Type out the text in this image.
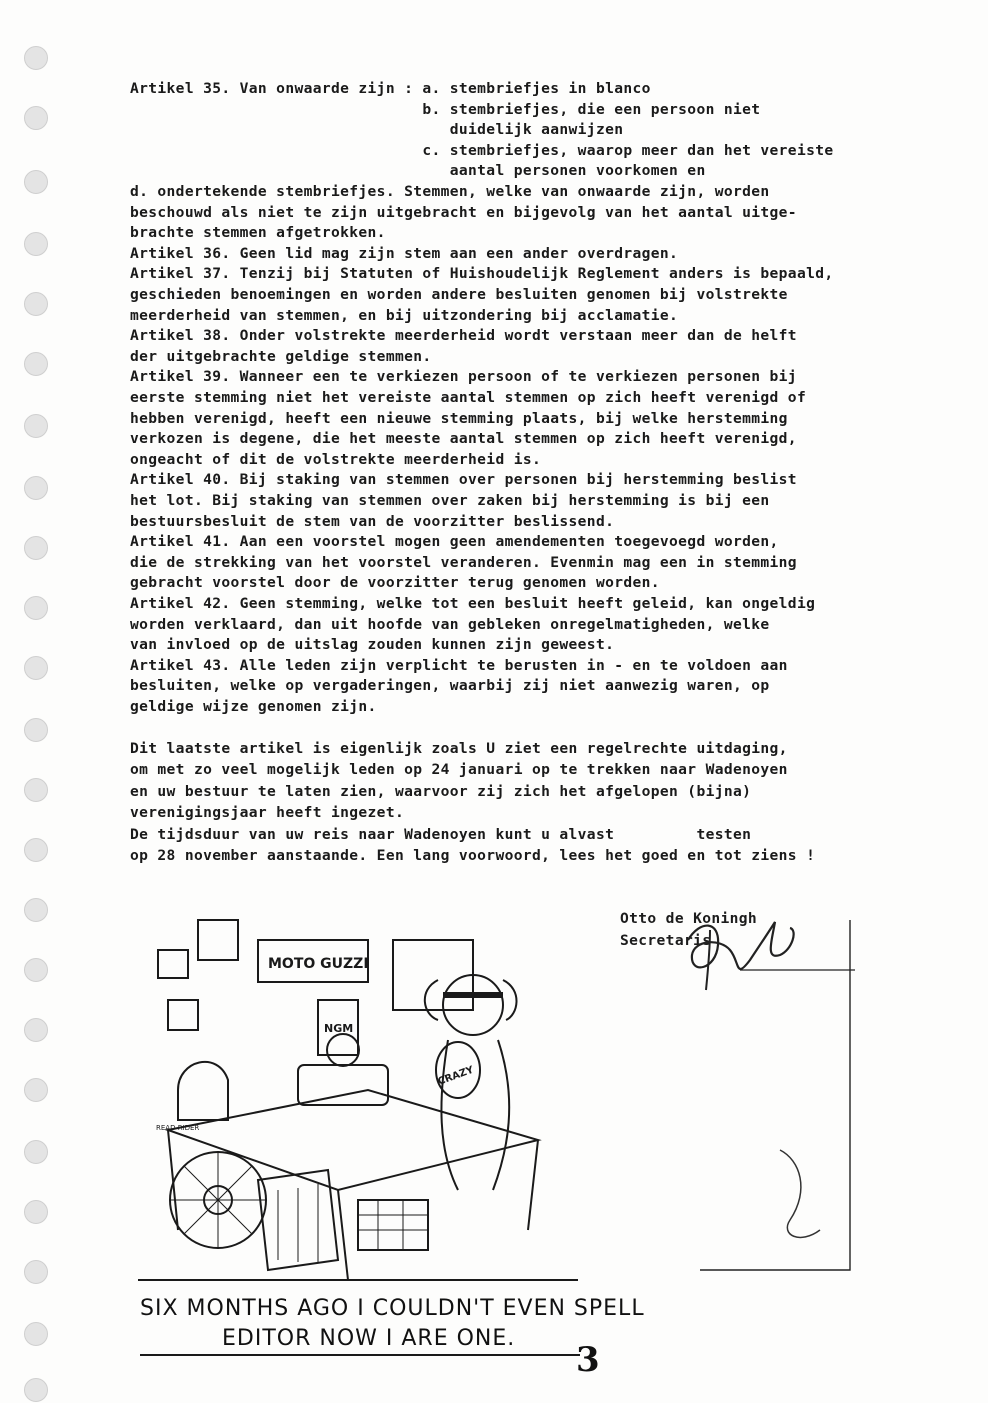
Artikel 35. Van onwaarde zijn : a. stembriefjes in blanco
b. stembriefjes, die een persoon niet
duidelijk aanwijzen
c. stembriefjes, waarop meer dan het vereiste
aantal personen voorkomen en
d. ondertekende stembriefjes. Stemmen, welke van onwaarde zijn, worden
beschouwd als niet te zijn uitgebracht en bijgevolg van het aantal uitge-
brachte stemmen afgetrokken.
Artikel 36. Geen lid mag zijn stem aan een ander overdragen.
Artikel 37. Tenzij bij Statuten of Huishoudelijk Reglement anders is bepaald,
geschieden benoemingen en worden andere besluiten genomen bij volstrekte
meerderheid van stemmen, en bij uitzondering bij acclamatie.
Artikel 38. Onder volstrekte meerderheid wordt verstaan meer dan de helft
der uitgebrachte geldige stemmen.
Artikel 39. Wanneer een te verkiezen persoon of te verkiezen personen bij
eerste stemming niet het vereiste aantal stemmen op zich heeft verenigd of
hebben verenigd, heeft een nieuwe stemming plaats, bij welke herstemming
verkozen is degene, die het meeste aantal stemmen op zich heeft verenigd,
ongeacht of dit de volstrekte meerderheid is.
Artikel 40. Bij staking van stemmen over personen bij herstemming beslist
het lot. Bij staking van stemmen over zaken bij herstemming is bij een
bestuursbesluit de stem van de voorzitter beslissend.
Artikel 41. Aan een voorstel mogen geen amendementen toegevoegd worden,
die de strekking van het voorstel veranderen. Evenmin mag een in stemming
gebracht voorstel door de voorzitter terug genomen worden.
Artikel 42. Geen stemming, welke tot een besluit heeft geleid, kan ongeldig
worden verklaard, dan uit hoofde van gebleken onregelmatigheden, welke
van invloed op de uitslag zouden kunnen zijn geweest.
Artikel 43. Alle leden zijn verplicht te berusten in - en te voldoen aan
besluiten, welke op vergaderingen, waarbij zij niet aanwezig waren, op
geldige wijze genomen zijn.
Dit laatste artikel is eigenlijk zoals U ziet een regelrechte uitdaging,
om met zo veel mogelijk leden op 24 januari op te trekken naar Wadenoyen
en uw bestuur te laten zien, waarvoor zij zich het afgelopen (bijna)
verenigingsjaar heeft ingezet.
De tijdsduur van uw reis naar Wadenoyen kunt u alvast         testen
op 28 november aanstaande. Een lang voorwoord, lees het goed en tot ziens !
Otto de Koningh
Secretaris
MOTO GUZZI
NGM
CRAZY
READ RIDER
SIX MONTHS AGO I COULDN'T EVEN SPELL
EDITOR NOW I ARE ONE.
3
